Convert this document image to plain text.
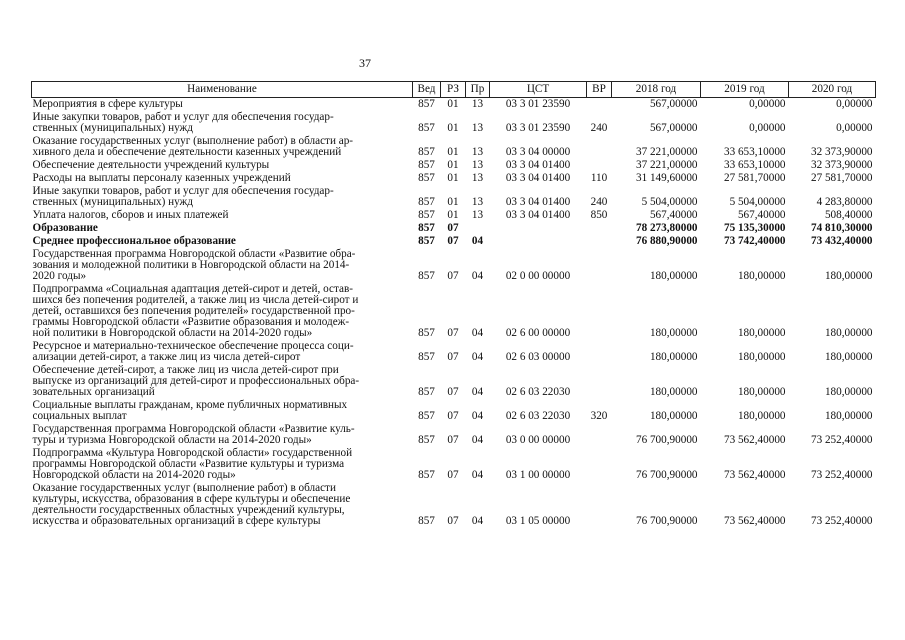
37
Наименование	Вед	РЗ	Пр	ЦСТ	ВР	2018 год	2019 год	2020 год
Мероприятия в сфере культуры	857	01	13	03 3 01 23590		567,00000	0,00000	0,00000
Иные закупки товаров, работ и услуг для обеспечения государ-
ственных (муниципальных) нужд	857	01	13	03 3 01 23590	240	567,00000	0,00000	0,00000
Оказание государственных услуг (выполнение работ) в области ар-
хивного дела и обеспечение деятельности казенных учреждений	857	01	13	03 3 04 00000		37 221,00000	33 653,10000	32 373,90000
Обеспечение деятельности учреждений культуры	857	01	13	03 3 04 01400		37 221,00000	33 653,10000	32 373,90000
Расходы на выплаты персоналу казенных учреждений	857	01	13	03 3 04 01400	110	31 149,60000	27 581,70000	27 581,70000
Иные закупки товаров, работ и услуг для обеспечения государ-
ственных (муниципальных) нужд	857	01	13	03 3 04 01400	240	5 504,00000	5 504,00000	4 283,80000
Уплата налогов, сборов и иных платежей	857	01	13	03 3 04 01400	850	567,40000	567,40000	508,40000
Образование	857	07				78 273,80000	75 135,30000	74 810,30000
Среднее профессиональное образование	857	07	04			76 880,90000	73 742,40000	73 432,40000
Государственная программа Новгородской области «Развитие обра-
зования и молодежной политики в Новгородской области на 2014-
2020 годы»	857	07	04	02 0 00 00000		180,00000	180,00000	180,00000
Подпрограмма «Социальная адаптация детей-сирот и детей, остав-
шихся без попечения родителей, а также лиц из числа детей-сирот и
детей, оставшихся без попечения родителей» государственной про-
граммы Новгородской области «Развитие образования и молодеж-
ной политики в Новгородской области на 2014-2020 годы»	857	07	04	02 6 00 00000		180,00000	180,00000	180,00000
Ресурсное и материально-техническое обеспечение процесса соци-
ализации детей-сирот, а также лиц из числа детей-сирот	857	07	04	02 6 03 00000		180,00000	180,00000	180,00000
Обеспечение детей-сирот, а также лиц из числа детей-сирот при
выпуске из организаций для детей-сирот и профессиональных обра-
зовательных организаций	857	07	04	02 6 03 22030		180,00000	180,00000	180,00000
Социальные выплаты гражданам, кроме публичных нормативных
социальных выплат	857	07	04	02 6 03 22030	320	180,00000	180,00000	180,00000
Государственная программа Новгородской области «Развитие куль-
туры и туризма Новгородской области на 2014-2020 годы»	857	07	04	03 0 00 00000		76 700,90000	73 562,40000	73 252,40000
Подпрограмма «Культура Новгородской области» государственной
программы Новгородской области «Развитие культуры и туризма
Новгородской области на 2014-2020 годы»	857	07	04	03 1 00 00000		76 700,90000	73 562,40000	73 252,40000
Оказание государственных услуг (выполнение работ) в области
культуры, искусства, образования в сфере культуры и обеспечение
деятельности государственных областных учреждений культуры,
искусства и образовательных организаций в сфере культуры	857	07	04	03 1 05 00000		76 700,90000	73 562,40000	73 252,40000
